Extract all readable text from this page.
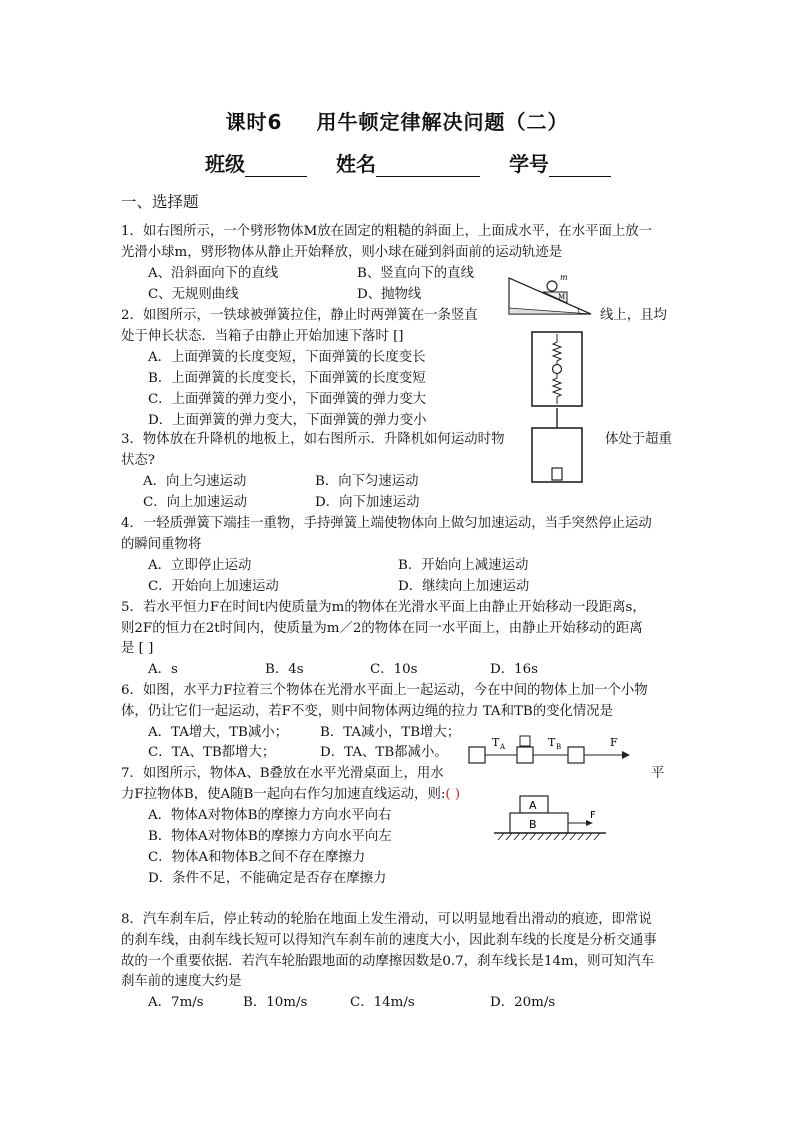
课时6 用牛顿定律解决问题（二）
班级	姓名	学号
一、选择题
1．如右图所示，一个劈形物体M放在固定的粗糙的斜面上，上面成水平，在水平面上放一
光滑小球m，劈形物体从静止开始释放，则小球在碰到斜面前的运动轨迹是
A、沿斜面向下的直线	B、竖直向下的直线
C、无规则曲线	D、抛物线
m
M
2．如图所示，一铁球被弹簧拉住，静止时两弹簧在一条竖直	线上，且均
处于伸长状态．当箱子由静止开始加速下落时 []
A．上面弹簧的长度变短，下面弹簧的长度变长
B．上面弹簧的长度变长，下面弹簧的长度变短
C．上面弹簧的弹力变小，下面弹簧的弹力变大
D．上面弹簧的弹力变大，下面弹簧的弹力变小
3．物体放在升降机的地板上，如右图所示．升降机如何运动时物	体处于超重
状态?
A．向上匀速运动	B．向下匀速运动
C．向上加速运动	D．向下加速运动
4．一轻质弹簧下端挂一重物，手持弹簧上端使物体向上做匀加速运动，当手突然停止运动
的瞬间重物将
A．立即停止运动	B．开始向上减速运动
C．开始向上加速运动	D．继续向上加速运动
5．若水平恒力F在时间t内使质量为m的物体在光滑水平面上由静止开始移动一段距离s，
则2F的恒力在2t时间内，使质量为m／2的物体在同一水平面上，由静止开始移动的距离
是 [ ]
A．s	B．4s	C．10s	D．16s
6．如图，水平力F拉着三个物体在光滑水平面上一起运动，今在中间的物体上加一个小物
体，仍让它们一起运动，若F不变，则中间物体两边绳的拉力 TA和TB的变化情况是
A．TA增大，TB减小； B．TA减小，TB增大；
C．TA、TB都增大；	D．TA、TB都减小。
T A	T B	F
7．如图所示，物体A、B叠放在水平光滑桌面上，用水	平
力F拉物体B，使A随B一起向右作匀加速直线运动，则:( )
A．物体A对物体B的摩擦力方向水平向右
B．物体A对物体B的摩擦力方向水平向左
C．物体A和物体B之间不存在摩擦力
D．条件不足，不能确定是否存在摩擦力
A
B
F
8．汽车刹车后，停止转动的轮胎在地面上发生滑动，可以明显地看出滑动的痕迹，即常说
的刹车线，由刹车线长短可以得知汽车刹车前的速度大小，因此刹车线的长度是分析交通事
故的一个重要依据．若汽车轮胎跟地面的动摩擦因数是0.7，刹车线长是14m，则可知汽车
刹车前的速度大约是
A．7m/s	B．10m/s	C．14m/s	D．20m/s
